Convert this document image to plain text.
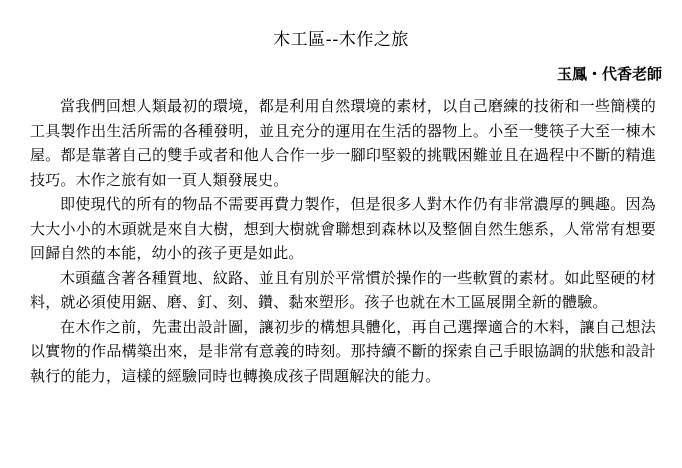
木工區--木作之旅

玉鳳・代香老師

當我們回想人類最初的環境，都是利用自然環境的素材，以自己磨練的技術和一些簡樸的工具製作出生活所需的各種發明，並且充分的運用在生活的器物上。小至一雙筷子大至一棟木屋。都是靠著自己的雙手或者和他人合作一步一腳印堅毅的挑戰困難並且在過程中不斷的精進技巧。木作之旅有如一頁人類發展史。

即使現代的所有的物品不需要再費力製作，但是很多人對木作仍有非常濃厚的興趣。因為大大小小的木頭就是來自大樹，想到大樹就會聯想到森林以及整個自然生態系，人常常有想要回歸自然的本能，幼小的孩子更是如此。

木頭蘊含著各種質地、紋路、並且有別於平常慣於操作的一些軟質的素材。如此堅硬的材料，就必須使用鋸、磨、釘、刻、鑽、黏來塑形。孩子也就在木工區展開全新的體驗。

在木作之前，先畫出設計圖，讓初步的構想具體化，再自己選擇適合的木料，讓自己想法以實物的作品構築出來，是非常有意義的時刻。那持續不斷的探索自己手眼協調的狀態和設計執行的能力，這樣的經驗同時也轉換成孩子問題解決的能力。
